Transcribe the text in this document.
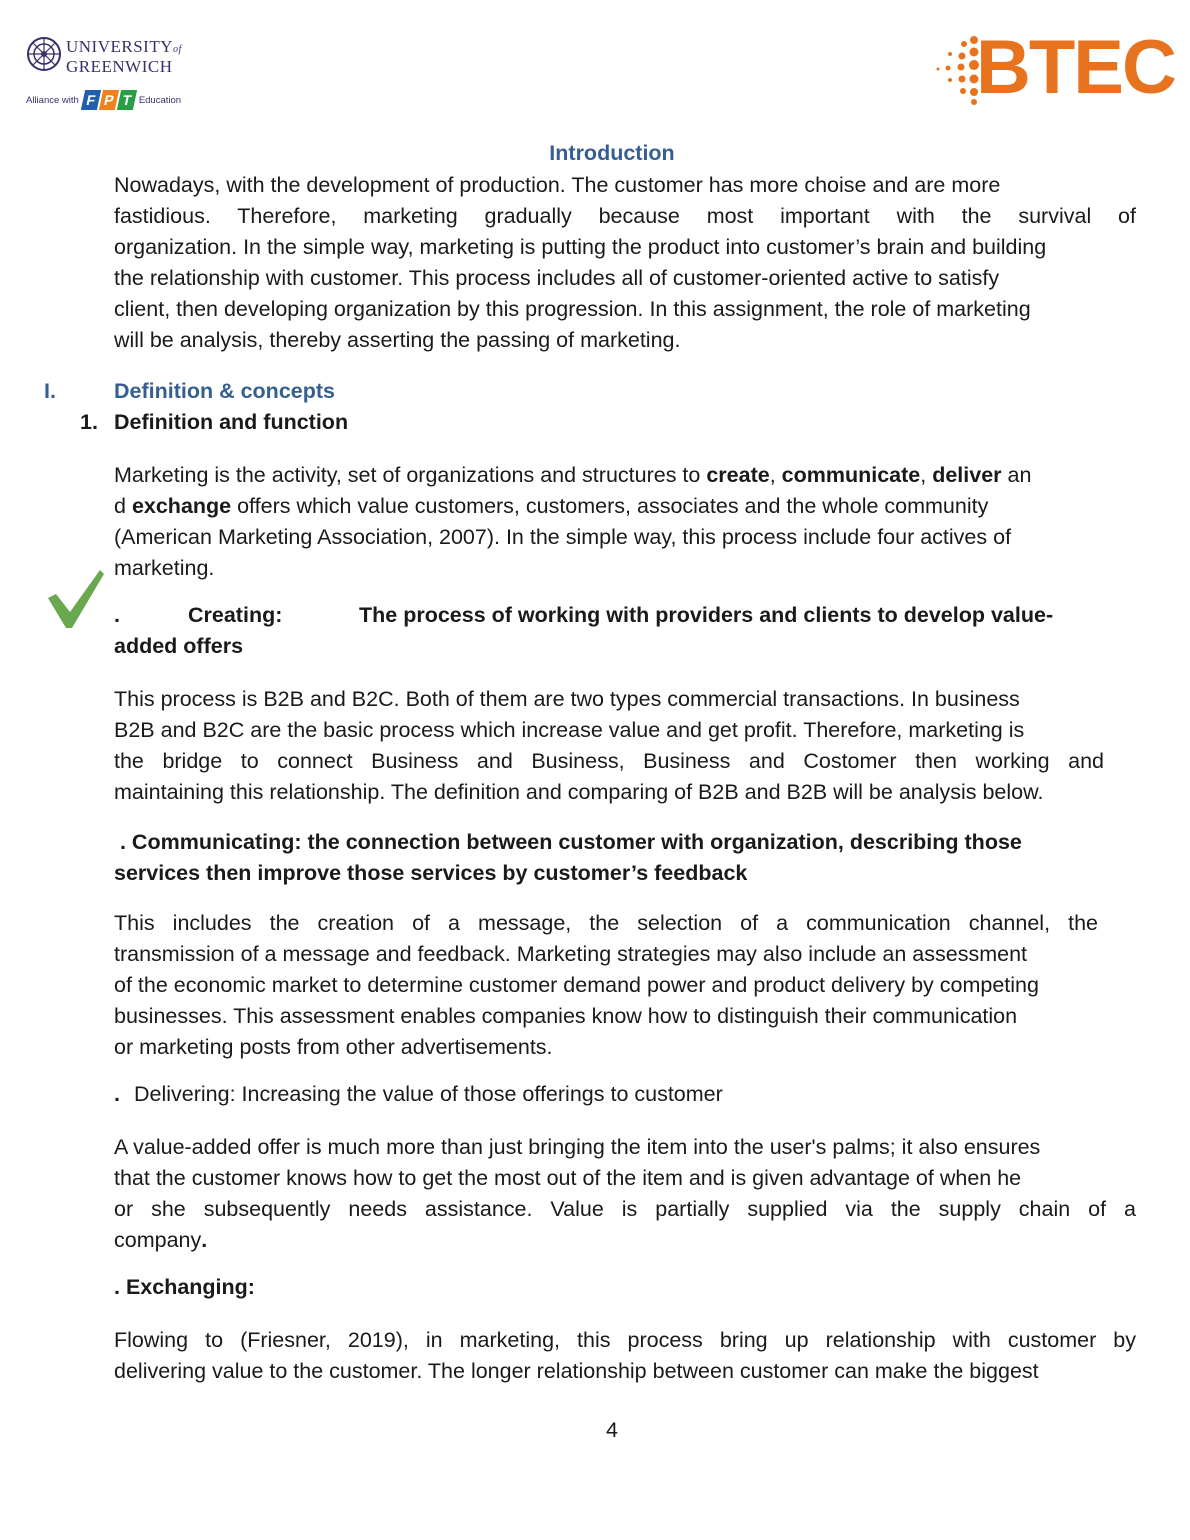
UNIVERSITYof
GREENWICH
Alliance with F P T Education	BTEC
Introduction
Nowadays, with the development of production. The customer has more choise and are more
fastidious. Therefore, marketing gradually because most important with the survival of
organization. In the simple way, marketing is putting the product into customer’s brain and building
the relationship with customer. This process includes all of customer-oriented active to satisfy
client, then developing organization by this progression. In this assignment, the role of marketing
will be analysis, thereby asserting the passing of marketing.
I.	Definition & concepts
1. Definition and function
Marketing is the activity, set of organizations and structures to create, communicate, deliver an
d exchange offers which value customers, customers, associates and the whole community
(American Marketing Association, 2007). In the simple way, this process include four actives of
marketing.
.	Creating:	The process of working with providers and clients to develop value-
added offers
This process is B2B and B2C. Both of them are two types commercial transactions. In business
B2B and B2C are the basic process which increase value and get profit. Therefore, marketing is
the bridge to connect Business and Business, Business and Costomer then working and
maintaining this relationship. The definition and comparing of B2B and B2B will be analysis below.
. Communicating: the connection between customer with organization, describing those
services then improve those services by customer’s feedback
This includes the creation of a message, the selection of a communication channel, the
transmission of a message and feedback. Marketing strategies may also include an assessment
of the economic market to determine customer demand power and product delivery by competing
businesses. This assessment enables companies know how to distinguish their communication
or marketing posts from other advertisements.
. Delivering: Increasing the value of those offerings to customer
A value-added offer is much more than just bringing the item into the user's palms; it also ensures
that the customer knows how to get the most out of the item and is given advantage of when he
or she subsequently needs assistance. Value is partially supplied via the supply chain of a
company.
. Exchanging:
Flowing to (Friesner, 2019), in marketing, this process bring up relationship with customer by
delivering value to the customer. The longer relationship between customer can make the biggest
4
